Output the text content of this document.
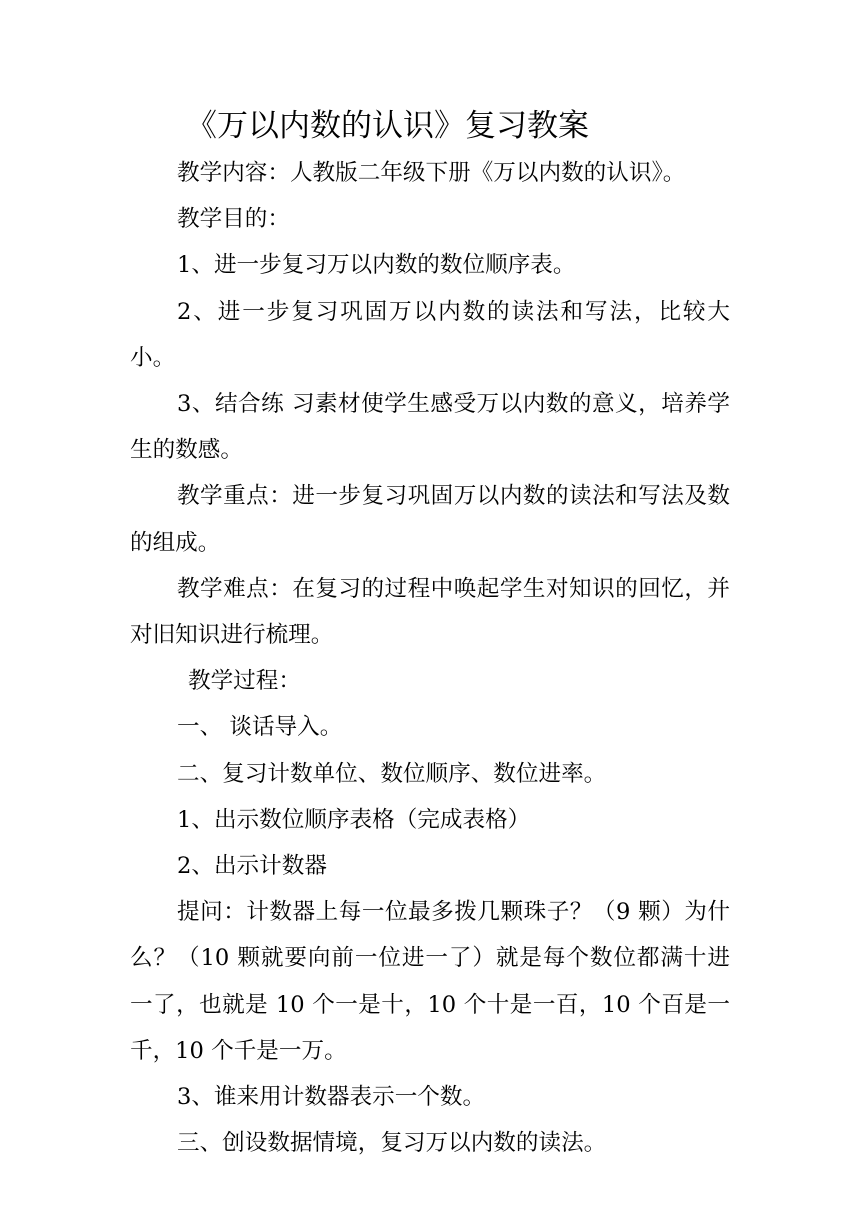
《万以内数的认识》复习教案

教学内容：人教版二年级下册《万以内数的认识》。

教学目的：

1、进一步复习万以内数的数位顺序表。

2、进一步复习巩固万以内数的读法和写法，比较大小。

3、结合练 习素材使学生感受万以内数的意义，培养学生的数感。

教学重点：进一步复习巩固万以内数的读法和写法及数的组成。

教学难点：在复习的过程中唤起学生对知识的回忆，并对旧知识进行梳理。

教学过程：

一、 谈话导入。

二、复习计数单位、数位顺序、数位进率。

1、出示数位顺序表格（完成表格）

2、出示计数器

提问：计数器上每一位最多拨几颗珠子？（9 颗）为什么？（10 颗就要向前一位进一了）就是每个数位都满十进一了，也就是 10 个一是十，10 个十是一百，10 个百是一千，10 个千是一万。

3、谁来用计数器表示一个数。

三、创设数据情境，复习万以内数的读法。
